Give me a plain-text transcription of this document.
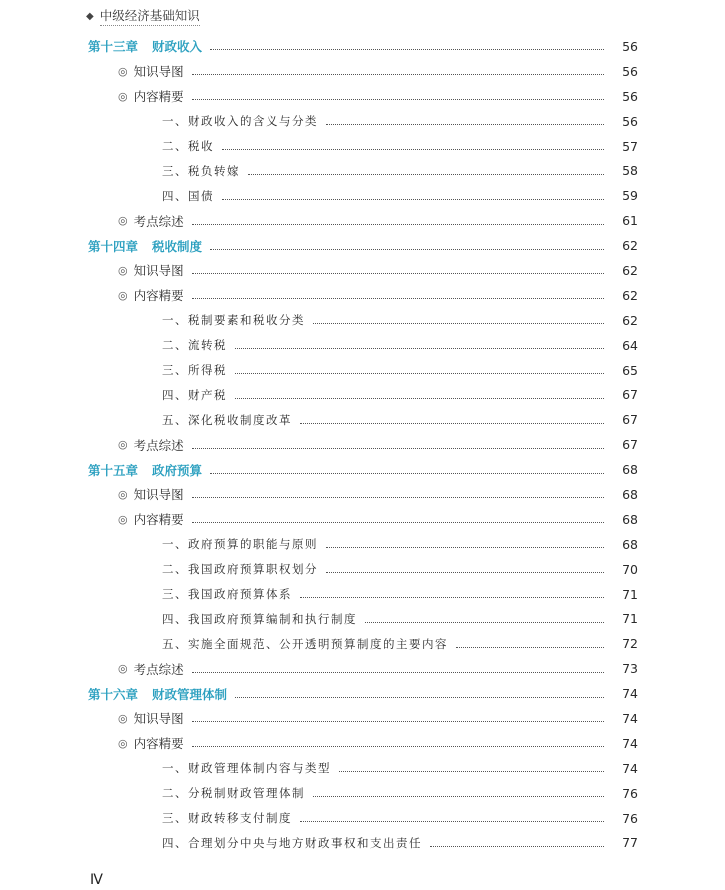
◆ 中级经济基础知识
第十三章 财政收入	56
◎ 知识导图	56
◎ 内容精要	56
一、财政收入的含义与分类	56
二、税收	57
三、税负转嫁	58
四、国债	59
◎ 考点综述	61
第十四章 税收制度	62
◎ 知识导图	62
◎ 内容精要	62
一、税制要素和税收分类	62
二、流转税	64
三、所得税	65
四、财产税	67
五、深化税收制度改革	67
◎ 考点综述	67
第十五章 政府预算	68
◎ 知识导图	68
◎ 内容精要	68
一、政府预算的职能与原则	68
二、我国政府预算职权划分	70
三、我国政府预算体系	71
四、我国政府预算编制和执行制度	71
五、实施全面规范、公开透明预算制度的主要内容	72
◎ 考点综述	73
第十六章 财政管理体制	74
◎ 知识导图	74
◎ 内容精要	74
一、财政管理体制内容与类型	74
二、分税制财政管理体制	76
三、财政转移支付制度	76
四、合理划分中央与地方财政事权和支出责任	77
Ⅳ
